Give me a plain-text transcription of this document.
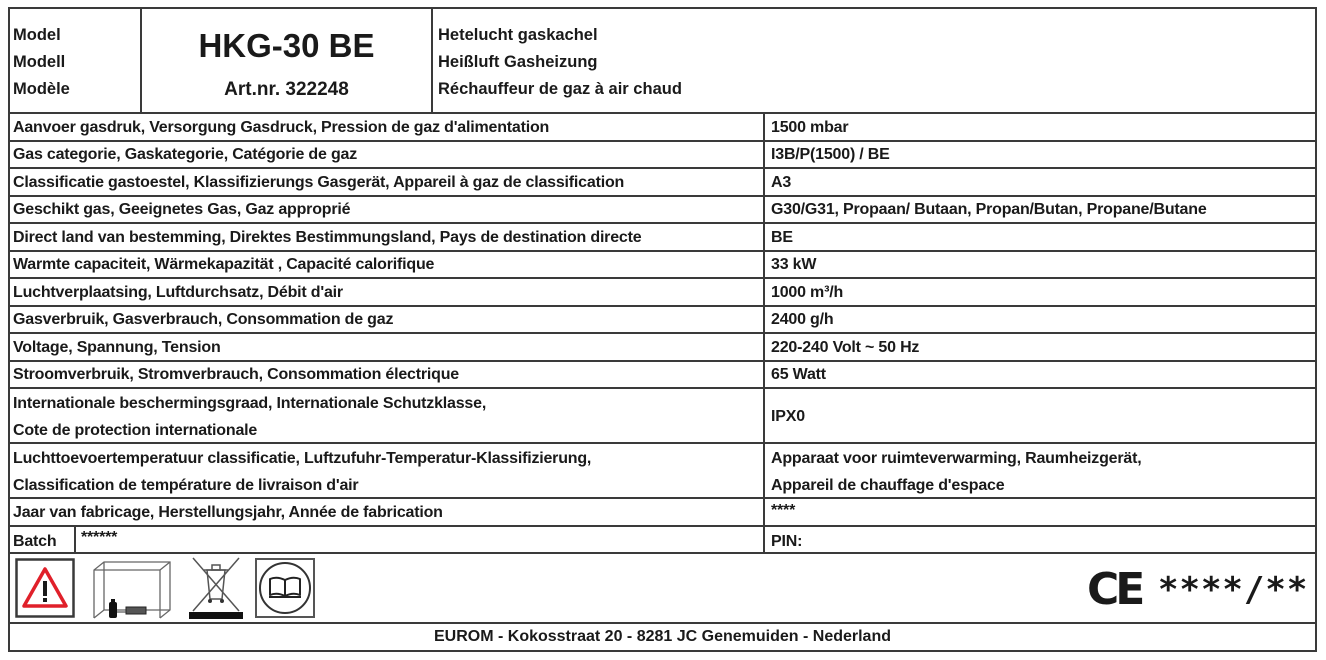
Model
Modell
Modèle
HKG-30 BE
Art.nr. 322248
Hetelucht gaskachel
Heißluft Gasheizung
Réchauffeur de gaz à air chaud
Aanvoer gasdruk, Versorgung Gasdruck, Pression de gaz d'alimentation
Gas categorie, Gaskategorie, Catégorie de gaz
Classificatie gastoestel, Klassifizierungs Gasgerät, Appareil à gaz de classification
Geschikt gas, Geeignetes Gas, Gaz approprié
Direct land van bestemming, Direktes Bestimmungsland, Pays de destination directe
Warmte capaciteit, Wärmekapazität , Capacité calorifique
Luchtverplaatsing, Luftdurchsatz, Débit d'air
Gasverbruik, Gasverbrauch, Consommation de gaz
Voltage, Spannung, Tension
Stroomverbruik, Stromverbrauch, Consommation électrique
Internationale beschermingsgraad, Internationale Schutzklasse,
Cote de protection internationale
Luchttoevoertemperatuur classificatie, Luftzufuhr-Temperatur-Klassifizierung,
Classification de température de livraison d'air
Jaar van fabricage, Herstellungsjahr, Année de fabrication
1500 mbar
I3B/P(1500) / BE
A3
G30/G31, Propaan/ Butaan, Propan/Butan, Propane/Butane
BE
33 kW
1000 m³/h
2400 g/h
220-240 Volt ~ 50 Hz
65 Watt
IPX0
Apparaat voor ruimteverwarming, Raumheizgerät,
Appareil de chauffage d'espace
****
Batch ******	PIN:
CE ****/**
EUROM - Kokosstraat 20 - 8281 JC Genemuiden - Nederland
